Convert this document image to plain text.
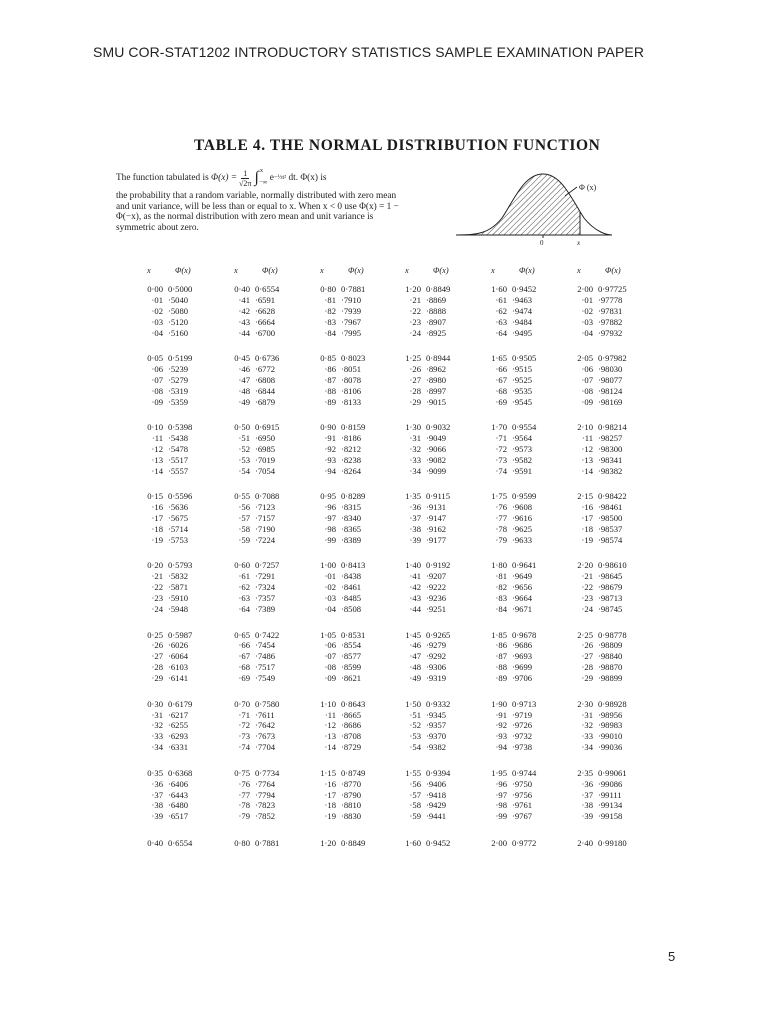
SMU COR-STAT1202 INTRODUCTORY STATISTICS SAMPLE EXAMINATION PAPER
TABLE 4. THE NORMAL DISTRIBUTION FUNCTION
The function tabulated is
$\Phi(x) = \frac{1}{√2\pi}$ ∫ x
−∞
e −½t²
dt. Φ(x) is

the probability that a random variable, normally distributed with zero mean and unit variance, will be less than or equal to x. When x < 0 use Φ(x) = 1 − Φ(−x), as the normal distribution with zero mean and unit variance is symmetric about zero.

Φ (x)
0	x
x	Φ(x)
0·00 0·5000
·01 ·5040
·02 ·5080
·03 ·5120
·04 ·5160
0·05 0·5199
·06 ·5239
·07 ·5279
·08 ·5319
·09 ·5359
0·10 0·5398
·11 ·5438
·12 ·5478
·13 ·5517
·14 ·5557
0·15 0·5596
·16 ·5636
·17 ·5675
·18 ·5714
·19 ·5753
0·20 0·5793
·21 ·5832
·22 ·5871
·23 ·5910
·24 ·5948
0·25 0·5987
·26 ·6026
·27 ·6064
·28 ·6103
·29 ·6141
0·30 0·6179
·31 ·6217
·32 ·6255
·33 ·6293
·34 ·6331
0·35 0·6368
·36 ·6406
·37 ·6443
·38 ·6480
·39 ·6517
0·40 0·6554
x	Φ(x)
0·40 0·6554
·41 ·6591
·42 ·6628
·43 ·6664
·44 ·6700
0·45 0·6736
·46 ·6772
·47 ·6808
·48 ·6844
·49 ·6879
0·50 0·6915
·51 ·6950
·52 ·6985
·53 ·7019
·54 ·7054
0·55 0·7088
·56 ·7123
·57 ·7157
·58 ·7190
·59 ·7224
0·60 0·7257
·61 ·7291
·62 ·7324
·63 ·7357
·64 ·7389
0·65 0·7422
·66 ·7454
·67 ·7486
·68 ·7517
·69 ·7549
0·70 0·7580
·71 ·7611
·72 ·7642
·73 ·7673
·74 ·7704
0·75 0·7734
·76 ·7764
·77 ·7794
·78 ·7823
·79 ·7852
0·80 0·7881
x	Φ(x)
0·80 0·7881
·81 ·7910
·82 ·7939
·83 ·7967
·84 ·7995
0·85 0·8023
·86 ·8051
·87 ·8078
·88 ·8106
·89 ·8133
0·90 0·8159
·91 ·8186
·92 ·8212
·93 ·8238
·94 ·8264
0·95 0·8289
·96 ·8315
·97 ·8340
·98 ·8365
·99 ·8389
1·00 0·8413
·01 ·8438
·02 ·8461
·03 ·8485
·04 ·8508
1·05 0·8531
·06 ·8554
·07 ·8577
·08 ·8599
·09 ·8621
1·10 0·8643
·11 ·8665
·12 ·8686
·13 ·8708
·14 ·8729
1·15 0·8749
·16 ·8770
·17 ·8790
·18 ·8810
·19 ·8830
1·20 0·8849
x	Φ(x)
1·20 0·8849
·21 ·8869
·22 ·8888
·23 ·8907
·24 ·8925
1·25 0·8944
·26 ·8962
·27 ·8980
·28 ·8997
·29 ·9015
1·30 0·9032
·31 ·9049
·32 ·9066
·33 ·9082
·34 ·9099
1·35 0·9115
·36 ·9131
·37 ·9147
·38 ·9162
·39 ·9177
1·40 0·9192
·41 ·9207
·42 ·9222
·43 ·9236
·44 ·9251
1·45 0·9265
·46 ·9279
·47 ·9292
·48 ·9306
·49 ·9319
1·50 0·9332
·51 ·9345
·52 ·9357
·53 ·9370
·54 ·9382
1·55 0·9394
·56 ·9406
·57 ·9418
·58 ·9429
·59 ·9441
1·60 0·9452
x	Φ(x)
1·60 0·9452
·61 ·9463
·62 ·9474
·63 ·9484
·64 ·9495
1·65 0·9505
·66 ·9515
·67 ·9525
·68 ·9535
·69 ·9545
1·70 0·9554
·71 ·9564
·72 ·9573
·73 ·9582
·74 ·9591
1·75 0·9599
·76 ·9608
·77 ·9616
·78 ·9625
·79 ·9633
1·80 0·9641
·81 ·9649
·82 ·9656
·83 ·9664
·84 ·9671
1·85 0·9678
·86 ·9686
·87 ·9693
·88 ·9699
·89 ·9706
1·90 0·9713
·91 ·9719
·92 ·9726
·93 ·9732
·94 ·9738
1·95 0·9744
·96 ·9750
·97 ·9756
·98 ·9761
·99 ·9767
2·00 0·9772
x	Φ(x)
2·00 0·97725
·01 ·97778
·02 ·97831
·03 ·97882
·04 ·97932
2·05 0·97982
·06 ·98030
·07 ·98077
·08 ·98124
·09 ·98169
2·10 0·98214
·11 ·98257
·12 ·98300
·13 ·98341
·14 ·98382
2·15 0·98422
·16 ·98461
·17 ·98500
·18 ·98537
·19 ·98574
2·20 0·98610
·21 ·98645
·22 ·98679
·23 ·98713
·24 ·98745
2·25 0·98778
·26 ·98809
·27 ·98840
·28 ·98870
·29 ·98899
2·30 0·98928
·31 ·98956
·32 ·98983
·33 ·99010
·34 ·99036
2·35 0·99061
·36 ·99086
·37 ·99111
·38 ·99134
·39 ·99158
2·40 0·99180
5
